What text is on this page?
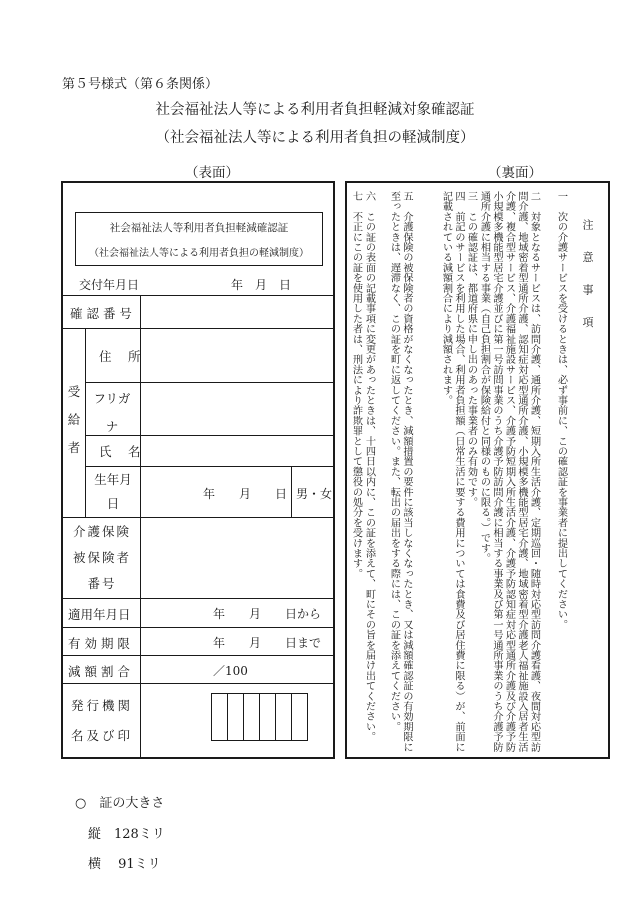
第５号様式（第６条関係）
社会福祉法人等による利用者負担軽減対象確認証
（社会福祉法人等による利用者負担の軽減制度）
（表面）	（裏面）
社会福祉法人等利用者負担軽減確認証
（社会福祉法人等による利用者負担の軽減制度）
交付年月日	年　月　日
確 認 番 号
受給者
住　所
フリガナ
氏　名
生年月日
年　　月　　日 男・女
介護保険被保険者番号
適用年月日	年　　月　　日から
有 効 期 限	年　　月　　日まで
減 額 割 合	／100
発行機関名及び印
注 意 事 項
一　次の介護サービスを受けるときは、必ず事前に、この確認証を事業者に提出してください。
二　対象となるサービスは、訪問介護、通所介護、短期入所生活介護、定期巡回・随時対応型訪問介護看護、夜間対応型訪問介護、地域密着型通所介護、認知症対応型通所介護、小規模多機能型居宅介護、地域密着型介護老人福祉施設入居者生活介護、複合型サービス、介護福祉施設サービス、介護予防短期入所生活介護、介護予防認知症対応型通所介護及び介護予防小規模多機能型居宅介護並びに第一号訪問事業のうち介護予防訪問介護に相当する事業及び第一号通所事業のうち介護予防通所介護に相当する事業（自己負担割合が保険給付と同様のものに限る。）です。
三　この確認証は、都道府県に申し出のあった事業者のみ有効です。
四　前記のサービスを利用した場合、利用者負担額（日常生活に要する費用については食費及び居住費に限る）が、前面に記載されている減額割合により減額されます。
五　介護保険の被保険者の資格がなくなったとき、減額措置の要件に該当しなくなったとき、又は減額確認証の有効期限に至ったときは、遅滞なく、この証を町に返してください。また、転出の届出をする際には、この証を添えてください。
六　この証の表面の記載事項に変更があったときは、十四日以内に、この証を添えて、町にその旨を届け出てください。
七　不正にこの証を使用した者は、刑法により詐欺罪として懲役の処分を受けます。
○　証の大きさ
縦　128ミリ
横　 91ミリ
